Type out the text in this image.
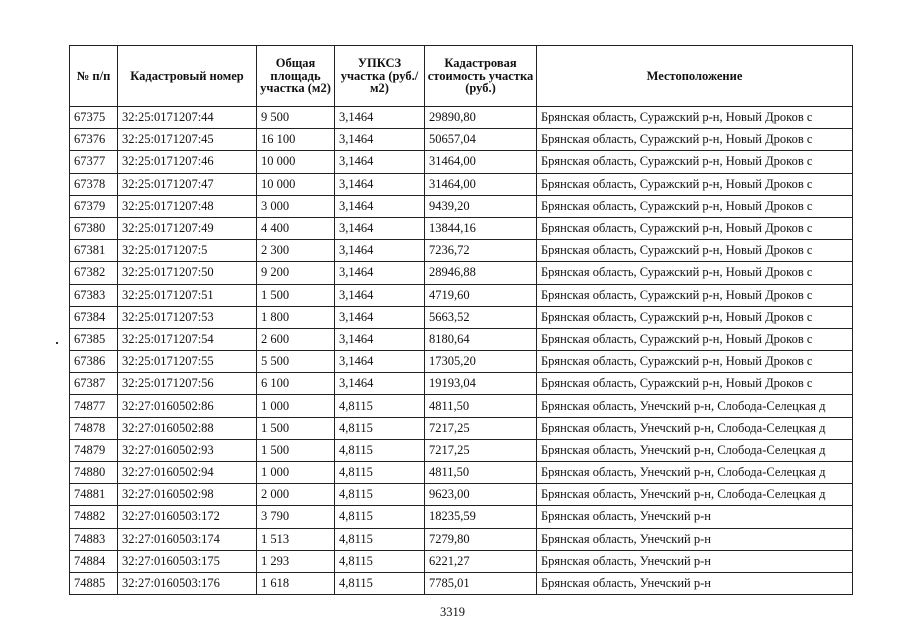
№ п/п	Кадастровый номер	Общая площадь участка (м2)	УПКСЗ участка (руб./м2)	Кадастровая стоимость участка (руб.)	Местоположение
67375	32:25:0171207:44	9 500	3,1464	29890,80	Брянская область, Суражский р-н, Новый Дроков с
67376	32:25:0171207:45	16 100	3,1464	50657,04	Брянская область, Суражский р-н, Новый Дроков с
67377	32:25:0171207:46	10 000	3,1464	31464,00	Брянская область, Суражский р-н, Новый Дроков с
67378	32:25:0171207:47	10 000	3,1464	31464,00	Брянская область, Суражский р-н, Новый Дроков с
67379	32:25:0171207:48	3 000	3,1464	9439,20	Брянская область, Суражский р-н, Новый Дроков с
67380	32:25:0171207:49	4 400	3,1464	13844,16	Брянская область, Суражский р-н, Новый Дроков с
67381	32:25:0171207:5	2 300	3,1464	7236,72	Брянская область, Суражский р-н, Новый Дроков с
67382	32:25:0171207:50	9 200	3,1464	28946,88	Брянская область, Суражский р-н, Новый Дроков с
67383	32:25:0171207:51	1 500	3,1464	4719,60	Брянская область, Суражский р-н, Новый Дроков с
67384	32:25:0171207:53	1 800	3,1464	5663,52	Брянская область, Суражский р-н, Новый Дроков с
67385	32:25:0171207:54	2 600	3,1464	8180,64	Брянская область, Суражский р-н, Новый Дроков с
67386	32:25:0171207:55	5 500	3,1464	17305,20	Брянская область, Суражский р-н, Новый Дроков с
67387	32:25:0171207:56	6 100	3,1464	19193,04	Брянская область, Суражский р-н, Новый Дроков с
74877	32:27:0160502:86	1 000	4,8115	4811,50	Брянская область, Унечский р-н, Слобода-Селецкая д
74878	32:27:0160502:88	1 500	4,8115	7217,25	Брянская область, Унечский р-н, Слобода-Селецкая д
74879	32:27:0160502:93	1 500	4,8115	7217,25	Брянская область, Унечский р-н, Слобода-Селецкая д
74880	32:27:0160502:94	1 000	4,8115	4811,50	Брянская область, Унечский р-н, Слобода-Селецкая д
74881	32:27:0160502:98	2 000	4,8115	9623,00	Брянская область, Унечский р-н, Слобода-Селецкая д
74882	32:27:0160503:172	3 790	4,8115	18235,59	Брянская область, Унечский р-н
74883	32:27:0160503:174	1 513	4,8115	7279,80	Брянская область, Унечский р-н
74884	32:27:0160503:175	1 293	4,8115	6221,27	Брянская область, Унечский р-н
74885	32:27:0160503:176	1 618	4,8115	7785,01	Брянская область, Унечский р-н
3319
